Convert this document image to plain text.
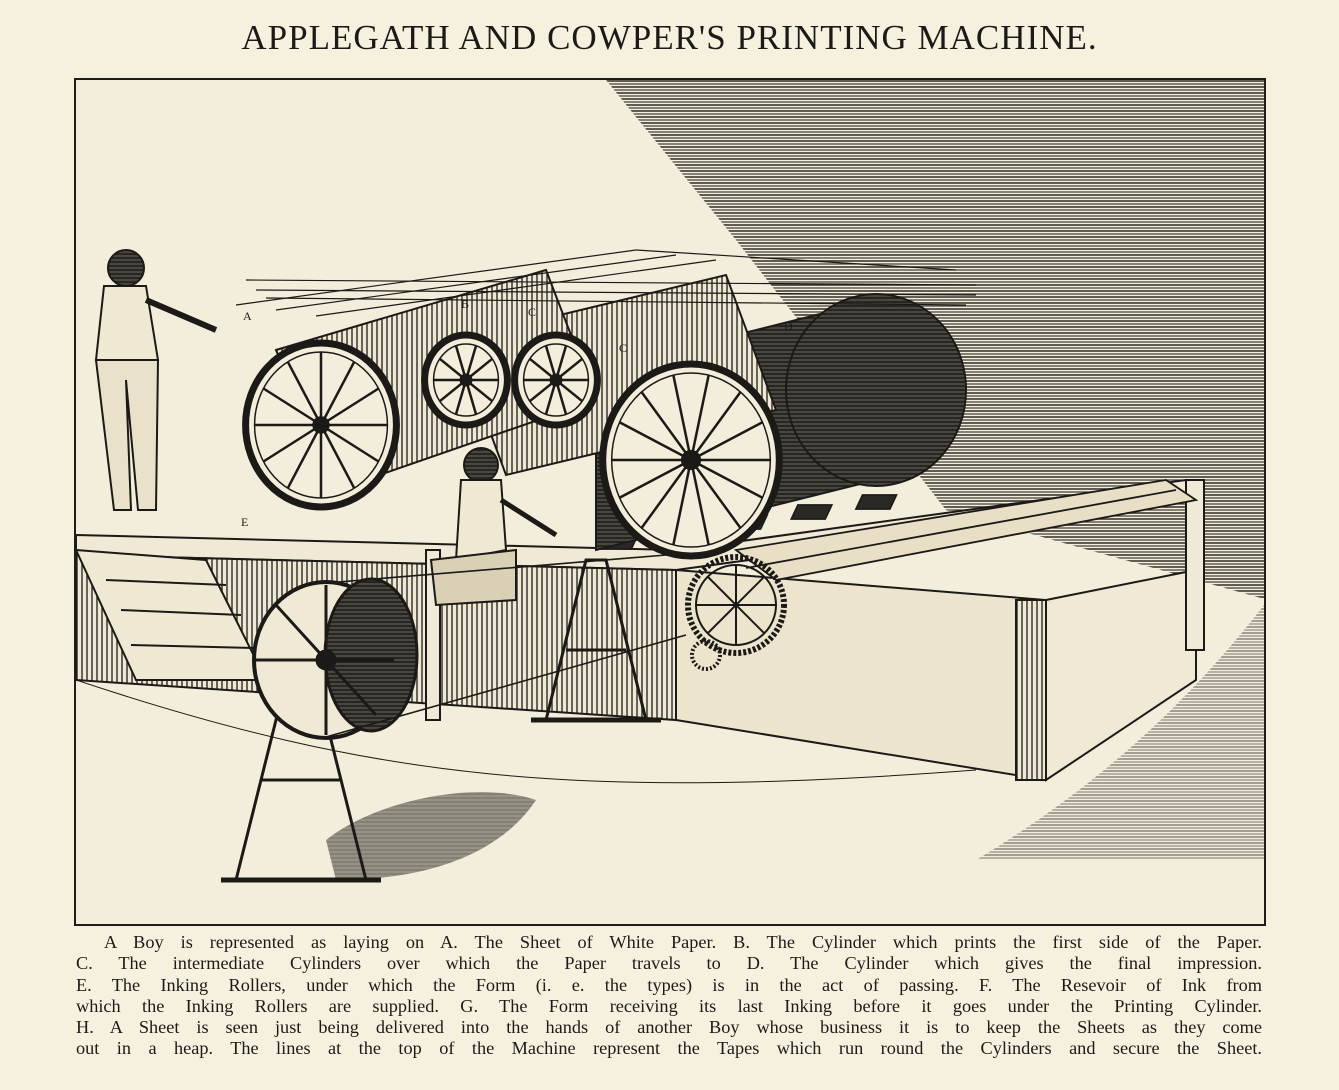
APPLEGATH AND COWPER'S PRINTING MACHINE.
A
B
C
C
D
E
A Boy is represented as laying on A. The Sheet of White Paper. B. The Cylinder which prints the first side of the Paper.
C. The intermediate Cylinders over which the Paper travels to D. The Cylinder which gives the final impression.
E. The Inking Rollers, under which the Form (i. e. the types) is in the act of passing. F. The Resevoir of Ink from
which the Inking Rollers are supplied. G. The Form receiving its last Inking before it goes under the Printing Cylinder.
H. A Sheet is seen just being delivered into the hands of another Boy whose business it is to keep the Sheets as they come
out in a heap. The lines at the top of the Machine represent the Tapes which run round the Cylinders and secure the Sheet.
